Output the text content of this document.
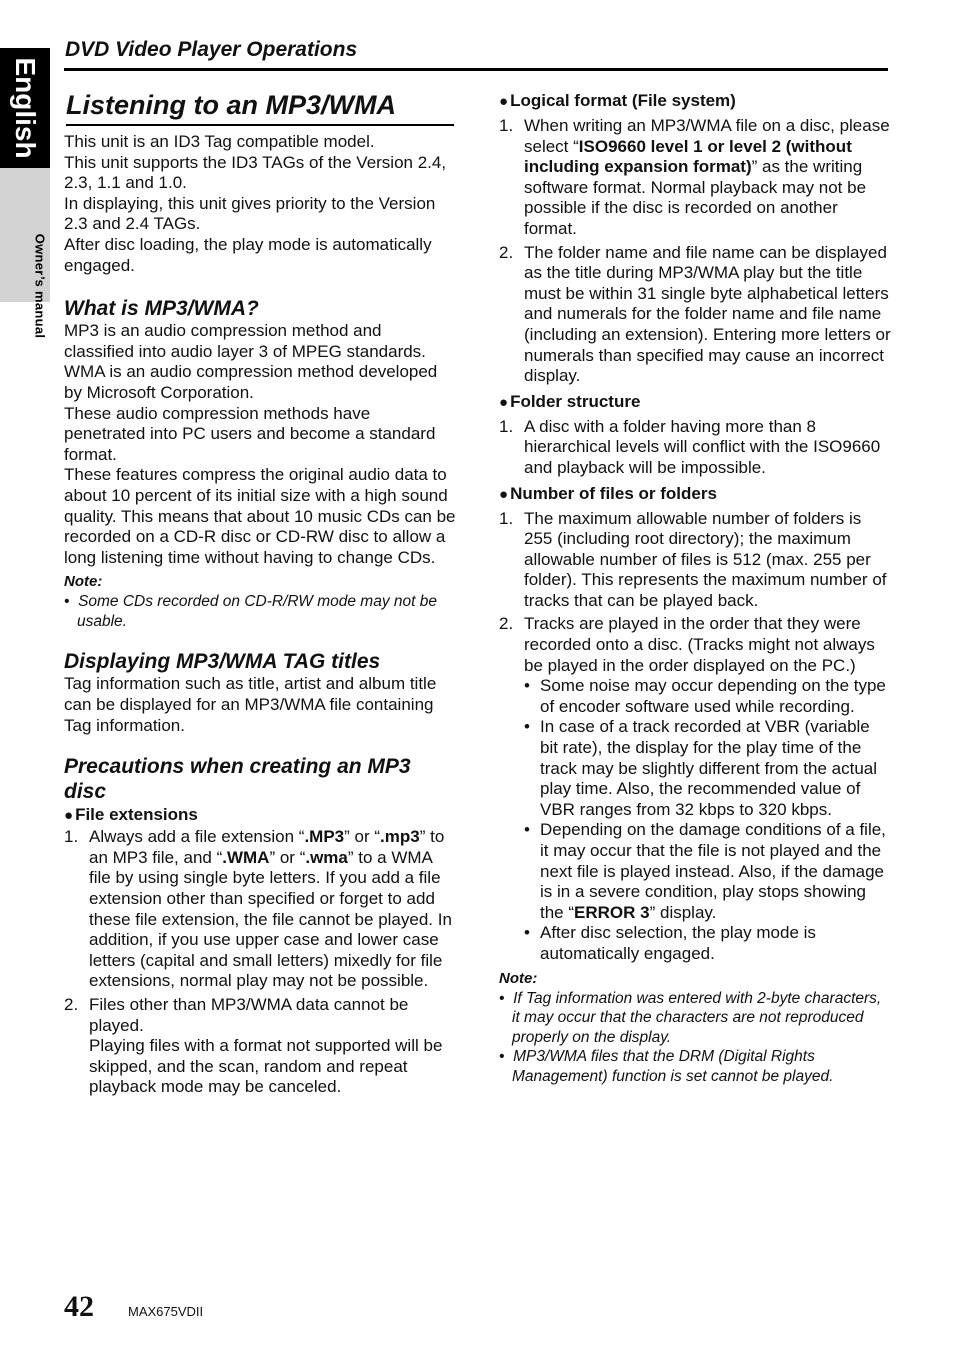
English
Owner’s manual
DVD Video Player Operations
Listening to an MP3/WMA

This unit is an ID3 Tag compatible model.

This unit supports the ID3 TAGs of the Version 2.4, 2.3, 1.1 and 1.0.

In displaying, this unit gives priority to the Version 2.3 and 2.4 TAGs.

After disc loading, the play mode is automatically engaged.

What is MP3/WMA?

MP3 is an audio compression method and classified into audio layer 3 of MPEG standards.

WMA is an audio compression method developed by Microsoft Corporation.

These audio compression methods have penetrated into PC users and become a standard format.

These features compress the original audio data to about 10 percent of its initial size with a high sound quality. This means that about 10 music CDs can be recorded on a CD-R disc or CD-RW disc to allow a long listening time without having to change CDs.

Note:

• Some CDs recorded on CD-R/RW mode may not be usable.

Displaying MP3/WMA TAG titles

Tag information such as title, artist and album title can be displayed for an MP3/WMA file containing Tag information.

Precautions when creating an MP3 disc

● File extensions

1. Always add a file extension “.MP3” or “.mp3” to an MP3 file, and “.WMA” or “.wma” to a WMA file by using single byte letters. If you add a file extension other than specified or forget to add these file extension, the file cannot be played. In addition, if you use upper case and lower case letters (capital and small letters) mixedly for file extensions, normal play may not be possible.

2. Files other than MP3/WMA data cannot be played.
Playing files with a format not supported will be skipped, and the scan, random and repeat playback mode may be canceled.

● Logical format (File system)

1. When writing an MP3/WMA file on a disc, please select “ISO9660 level 1 or level 2 (without including expansion format)” as the writing software format. Normal playback may not be possible if the disc is recorded on another format.

2. The folder name and file name can be displayed as the title during MP3/WMA play but the title must be within 31 single byte alphabetical letters and numerals for the folder name and file name (including an extension). Entering more letters or numerals than specified may cause an incorrect display.

● Folder structure

1. A disc with a folder having more than 8 hierarchical levels will conflict with the ISO9660 and playback will be impossible.

● Number of files or folders

1. The maximum allowable number of folders is 255 (including root directory); the maximum allowable number of files is 512 (max. 255 per folder). This represents the maximum number of tracks that can be played back.

2. Tracks are played in the order that they were recorded onto a disc. (Tracks might not always be played in the order displayed on the PC.)

• Some noise may occur depending on the type of encoder software used while recording.

• In case of a track recorded at VBR (variable bit rate), the display for the play time of the track may be slightly different from the actual play time. Also, the recommended value of VBR ranges from 32 kbps to 320 kbps.

• Depending on the damage conditions of a file, it may occur that the file is not played and the next file is played instead. Also, if the damage is in a severe condition, play stops showing the “ERROR 3” display.

• After disc selection, the play mode is automatically engaged.

Note:

• If Tag information was entered with 2-byte characters, it may occur that the characters are not reproduced properly on the display.

• MP3/WMA files that the DRM (Digital Rights Management) function is set cannot be played.

42	MAX675VDII
